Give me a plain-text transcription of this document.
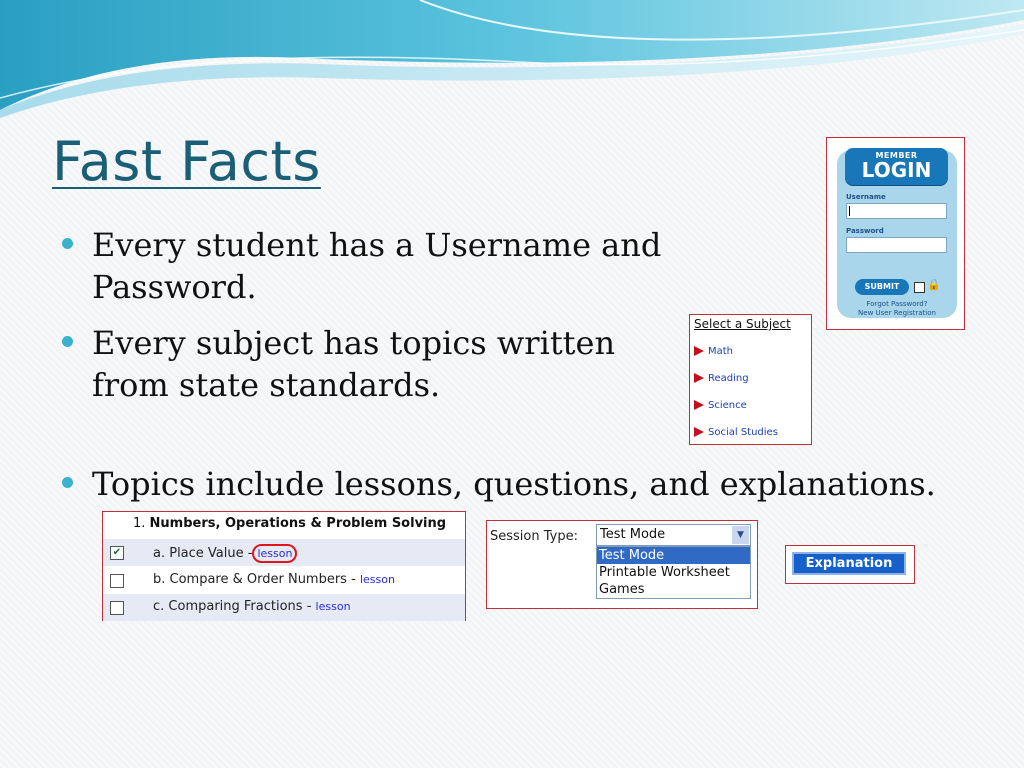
Fast Facts
Every student has a Username and Password.
Every subject has topics written from state standards.
Topics include lessons, questions, and explanations.
MEMBER
LOGIN
Username
Password
SUBMIT	🔒
Forgot Password?
New User Registration
Select a Subject
Math
Reading
Science
Social Studies
1. Numbers, Operations & Problem Solving
✔ a. Place Value - lesson
b. Compare & Order Numbers - lesson
c. Comparing Fractions - lesson
Session Type:	Test Mode	▼
Test Mode
Printable Worksheet
Games
Explanation
